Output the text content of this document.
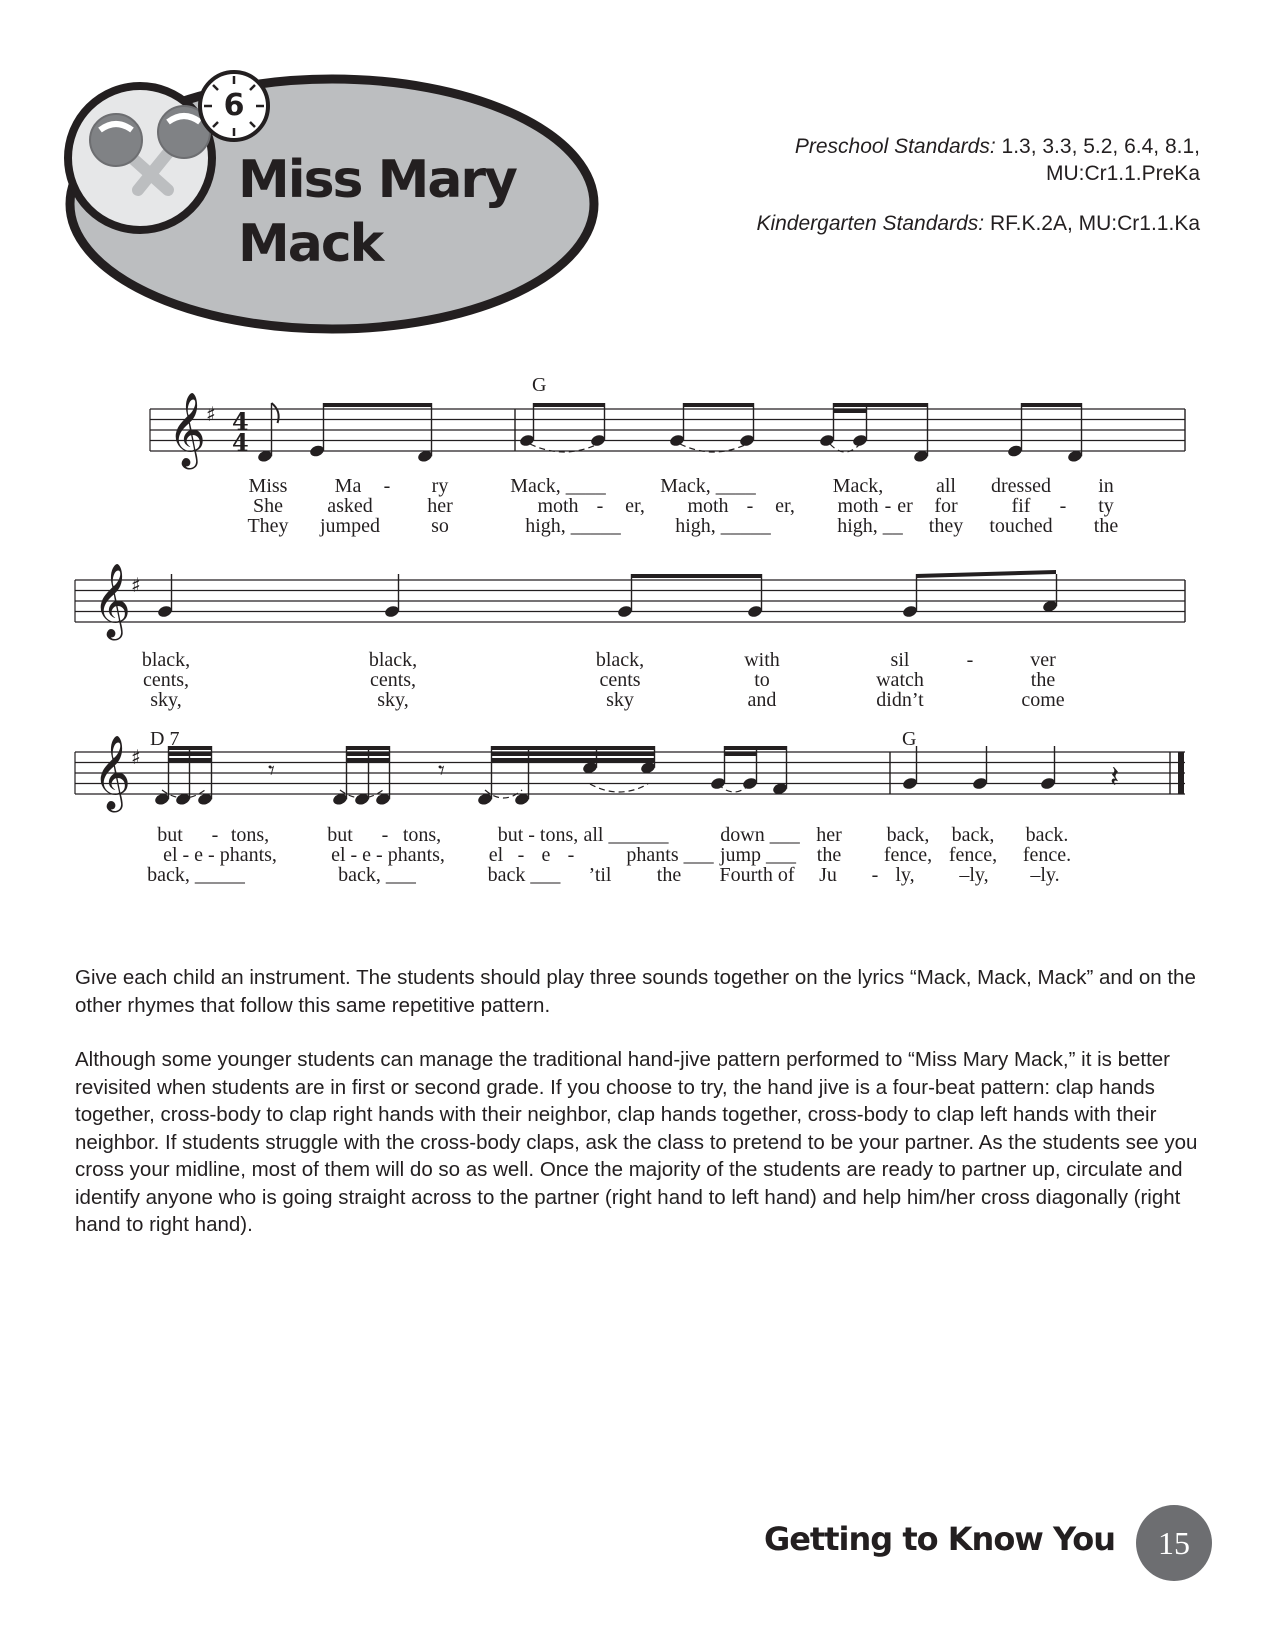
6
Miss Mary
Mack
Preschool Standards: 1.3, 3.3, 5.2, 6.4, 8.1,
MU:Cr1.1.PreKa
Kindergarten Standards: RF.K.2A, MU:Cr1.1.Ka
𝄞 ♯
𝄞 ♯
𝄞 ♯
4
4
𝄾	𝄾	𝄽
G
D 7	G
Miss Ma - ry	Mack, ____	Mack, ____	Mack,	all dressed in
She asked	her	moth - er, moth - er, moth - er for	fif - ty
They jumped	so	high, _____	high, _____	high, __ they touched the
black,	black,	black,	with	sil	-	ver
cents,	cents,	cents	to	watch	the
sky,	sky,	sky	and	didn’t	come
but - tons,	but - tons,	but - tons, all ______	down ___ her back, back, back.
el - e - phants,	el - e - phants, el - e -	phants ___ jump ___ the fence, fence, fence.
back, _____	back, ___	back ___ ’til the Fourth of Ju - ly, –ly, –ly.
Give each child an instrument. The students should play three sounds together on the lyrics “Mack, Mack, Mack” and on the other rhymes that follow this same repetitive pattern.
Although some younger students can manage the traditional hand-jive pattern performed to “Miss Mary Mack,” it is better revisited when students are in first or second grade. If you choose to try, the hand jive is a four-beat pattern: clap hands together, cross-body to clap right hands with their neighbor, clap hands together, cross-body to clap left hands with their neighbor. If students struggle with the cross-body claps, ask the class to pretend to be your partner. As the students see you cross your midline, most of them will do so as well. Once the majority of the students are ready to partner up, circulate and identify anyone who is going straight across to the partner (right hand to left hand) and help him/her cross diagonally (right hand to right hand).
Getting to Know You	15
